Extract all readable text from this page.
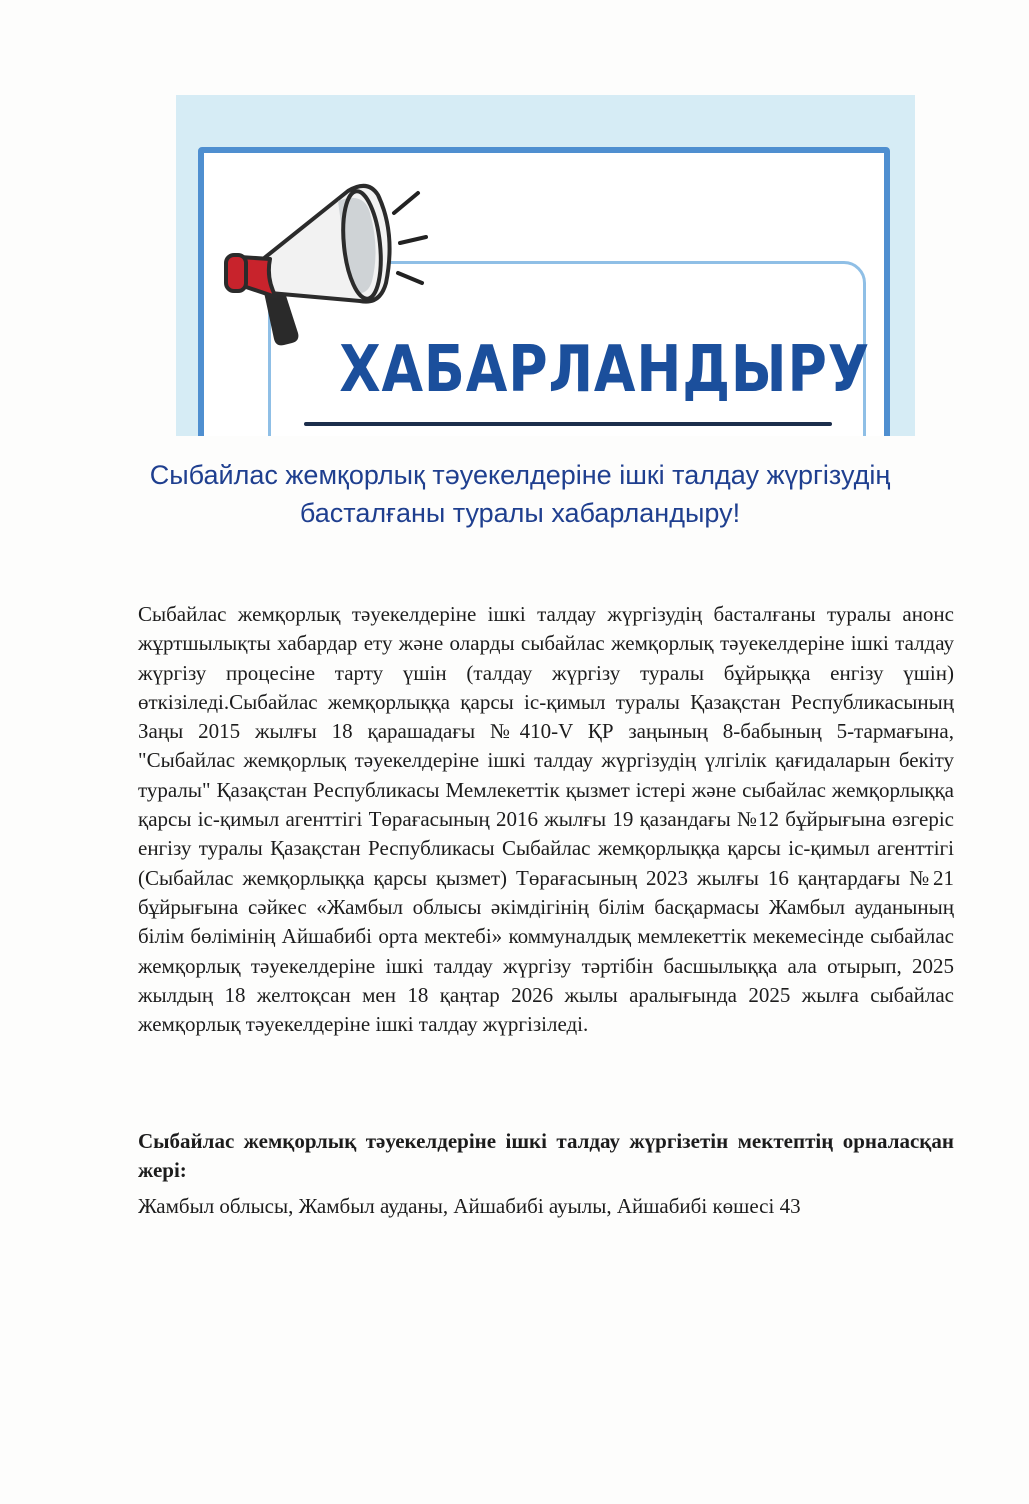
ХАБАРЛАНДЫРУ
Сыбайлас жемқорлық тәуекелдеріне ішкі талдау жүргізудің басталғаны туралы хабарландыру!
Сыбайлас жемқорлық тәуекелдеріне ішкі талдау жүргізудің басталғаны туралы анонс жұртшылықты хабардар ету және оларды сыбайлас жемқорлық тәуекелдеріне ішкі талдау жүргізу процесіне тарту үшін (талдау жүргізу туралы бұйрыққа енгізу үшін) өткізіледі.Сыбайлас жемқорлыққа қарсы іс-қимыл туралы Қазақстан Республикасының Заңы 2015 жылғы 18 қарашадағы №410-V ҚР заңының 8-бабының 5-тармағына, "Сыбайлас жемқорлық тәуекелдеріне ішкі талдау жүргізудің үлгілік қағидаларын бекіту туралы" Қазақстан Республикасы Мемлекеттік қызмет істері және сыбайлас жемқорлыққа қарсы іс-қимыл агенттігі Төрағасының 2016 жылғы 19 қазандағы №12 бұйрығына өзгеріс енгізу туралы Қазақстан Республикасы Сыбайлас жемқорлыққа қарсы іс-қимыл агенттігі (Сыбайлас жемқорлыққа қарсы қызмет) Төрағасының 2023 жылғы 16 қаңтардағы №21 бұйрығына сәйкес «Жамбыл облысы әкімдігінің білім басқармасы Жамбыл ауданының білім бөлімінің Айшабибі орта мектебі» коммуналдық мемлекеттік мекемесінде сыбайлас жемқорлық тәуекелдеріне ішкі талдау жүргізу тәртібін басшылыққа ала отырып, 2025 жылдың 18 желтоқсан мен 18 қаңтар 2026 жылы аралығында 2025 жылға сыбайлас жемқорлық тәуекелдеріне ішкі талдау жүргізіледі.
Сыбайлас жемқорлық тәуекелдеріне ішкі талдау жүргізетін мектептің орналасқан жері:
Жамбыл облысы, Жамбыл ауданы, Айшабибі ауылы, Айшабибі көшесі 43
